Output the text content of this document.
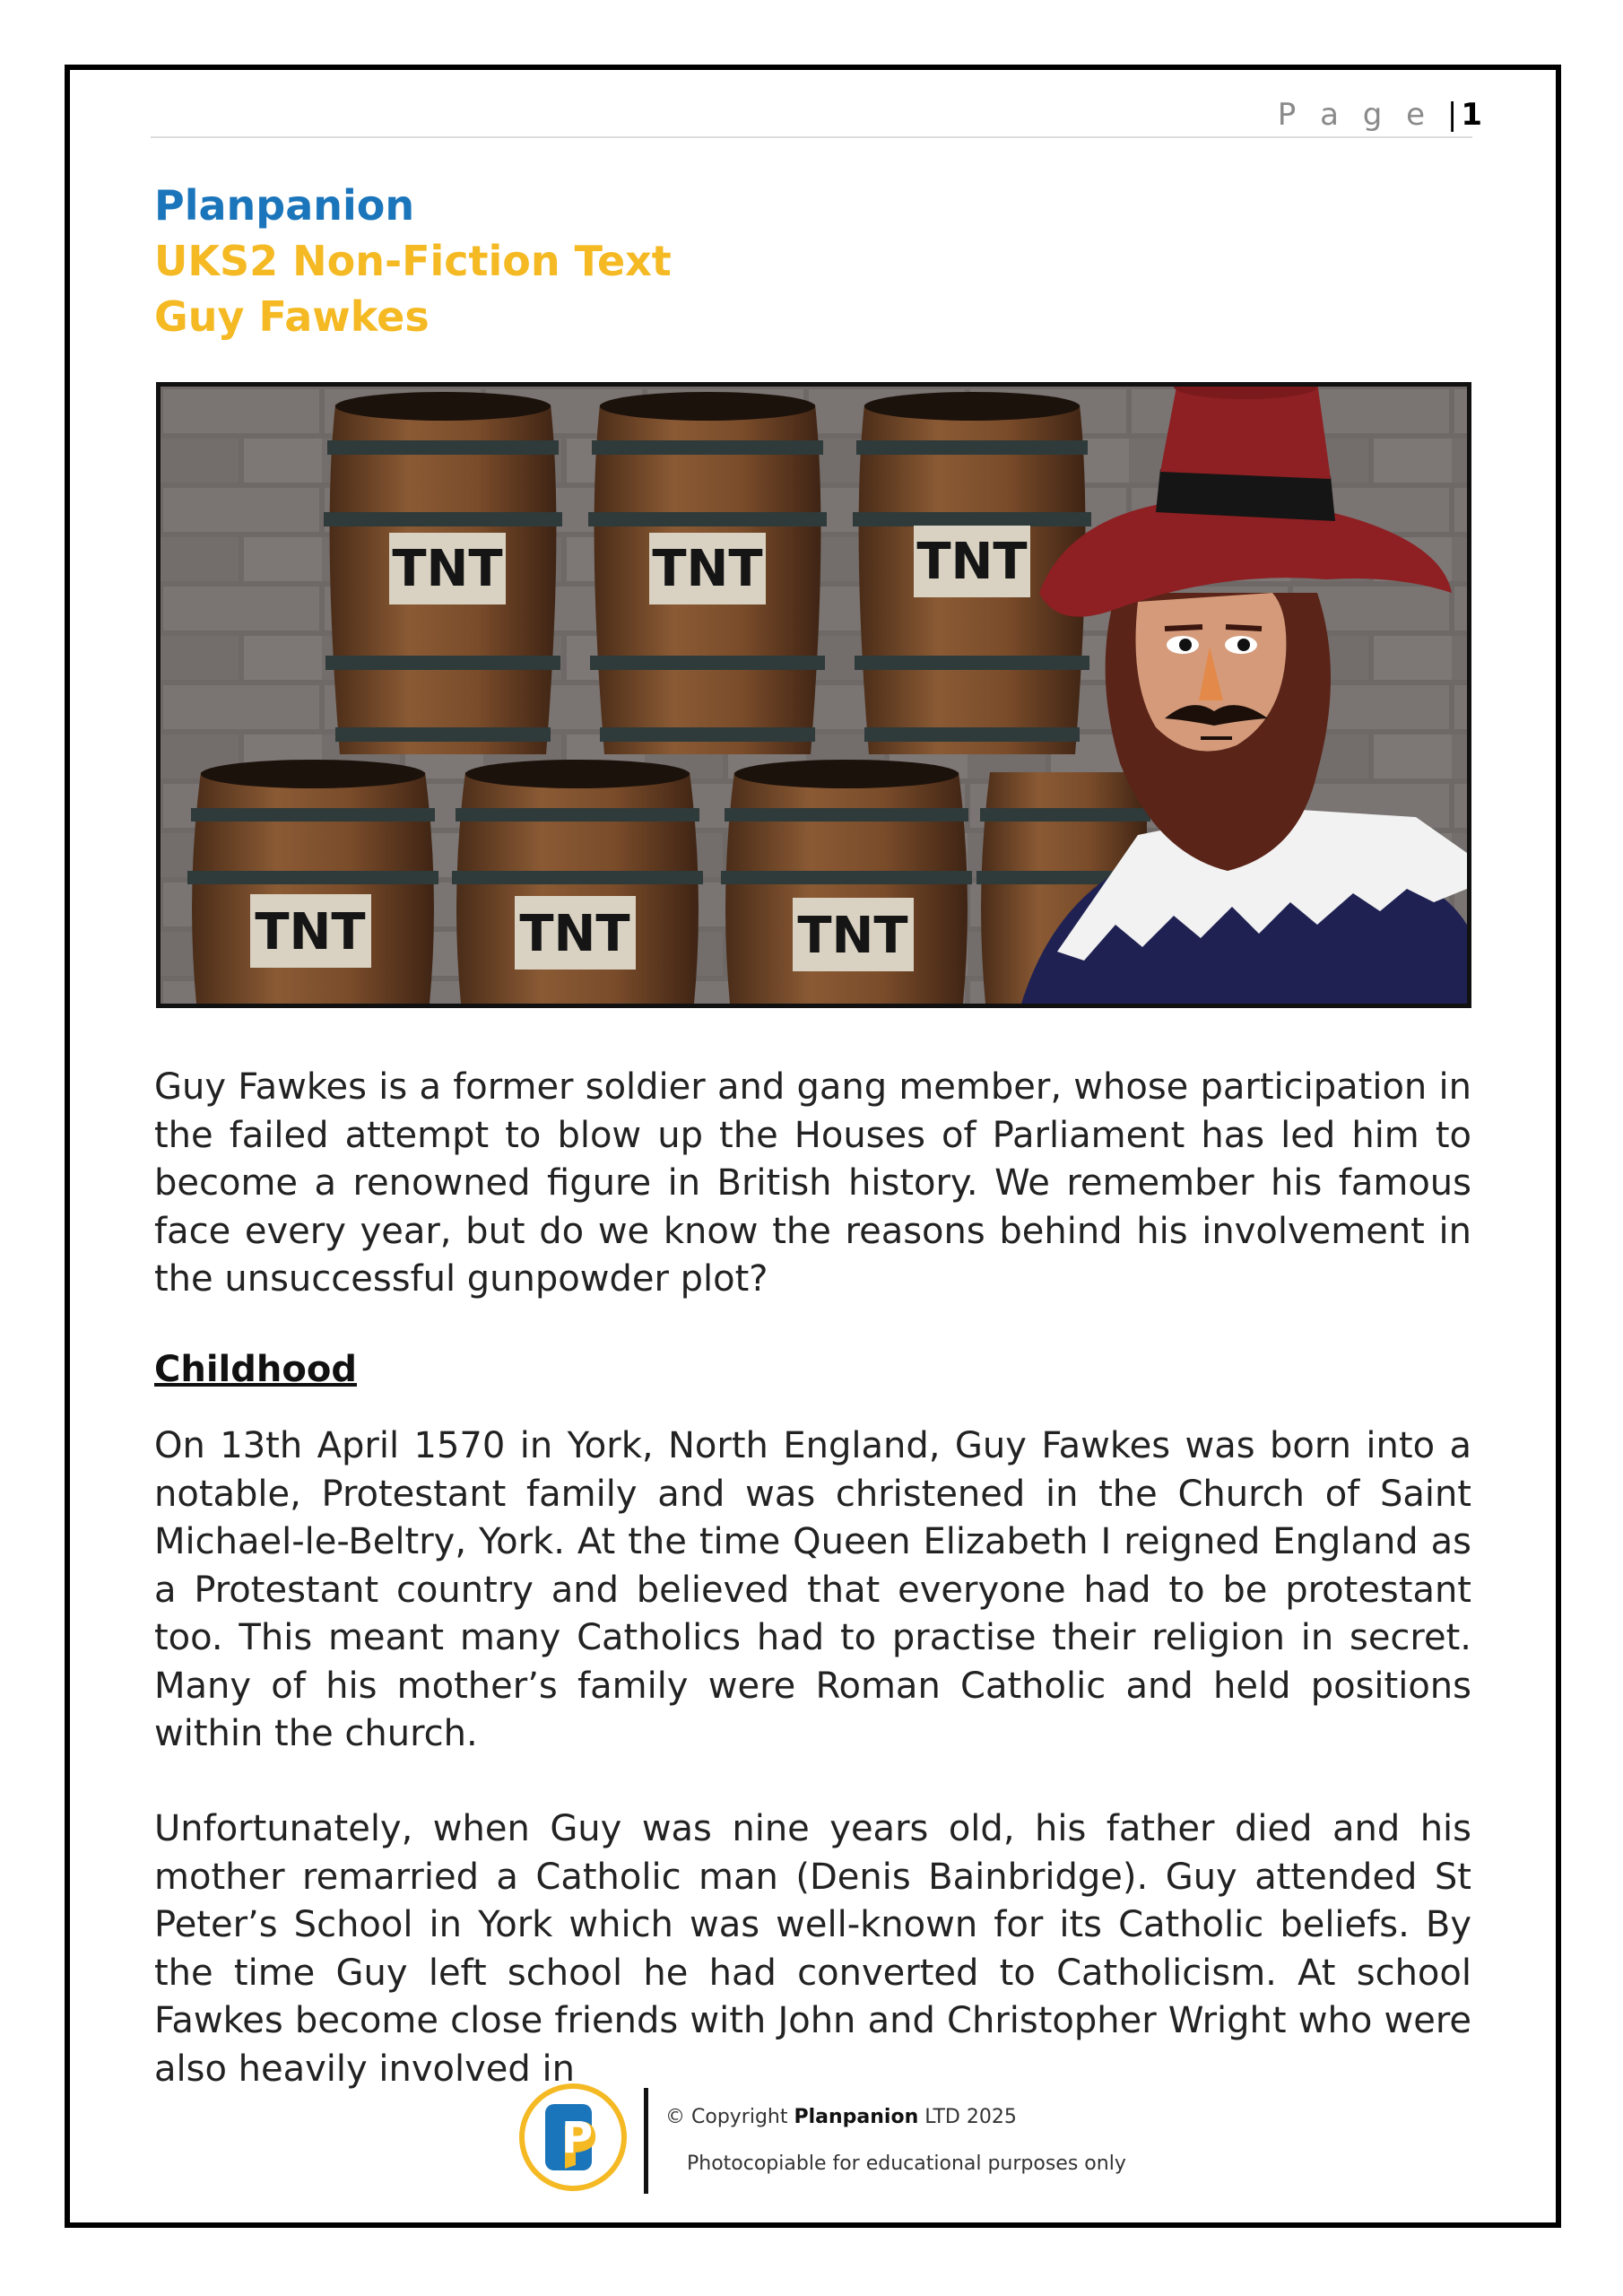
P a g e | 1
Planpanion
UKS2 Non-Fiction Text
Guy Fawkes
TNT	TNT	TNT
TNT	TNT	TNT
Guy Fawkes is a former soldier and gang member, whose participation in the failed attempt to blow up the Houses of Parliament has led him to become a renowned figure in British history. We remember his famous face every year, but do we know the reasons behind his involvement in the unsuccessful gunpowder plot?
Childhood
On 13th April 1570 in York, North England, Guy Fawkes was born into a notable, Protestant family and was christened in the Church of Saint Michael-le-Beltry, York. At the time Queen Elizabeth I reigned England as a Protestant country and believed that everyone had to be protestant too. This meant many Catholics had to practise their religion in secret. Many of his mother’s family were Roman Catholic and held positions within the church.
Unfortunately, when Guy was nine years old, his father died and his mother remarried a Catholic man (Denis Bainbridge). Guy attended St Peter’s School in York which was well-known for its Catholic beliefs. By the time Guy left school he had converted to Catholicism. At school Fawkes become close friends with John and Christopher Wright who were also heavily involved in
P	© Copyright Planpanion LTD 2025
Photocopiable for educational purposes only
